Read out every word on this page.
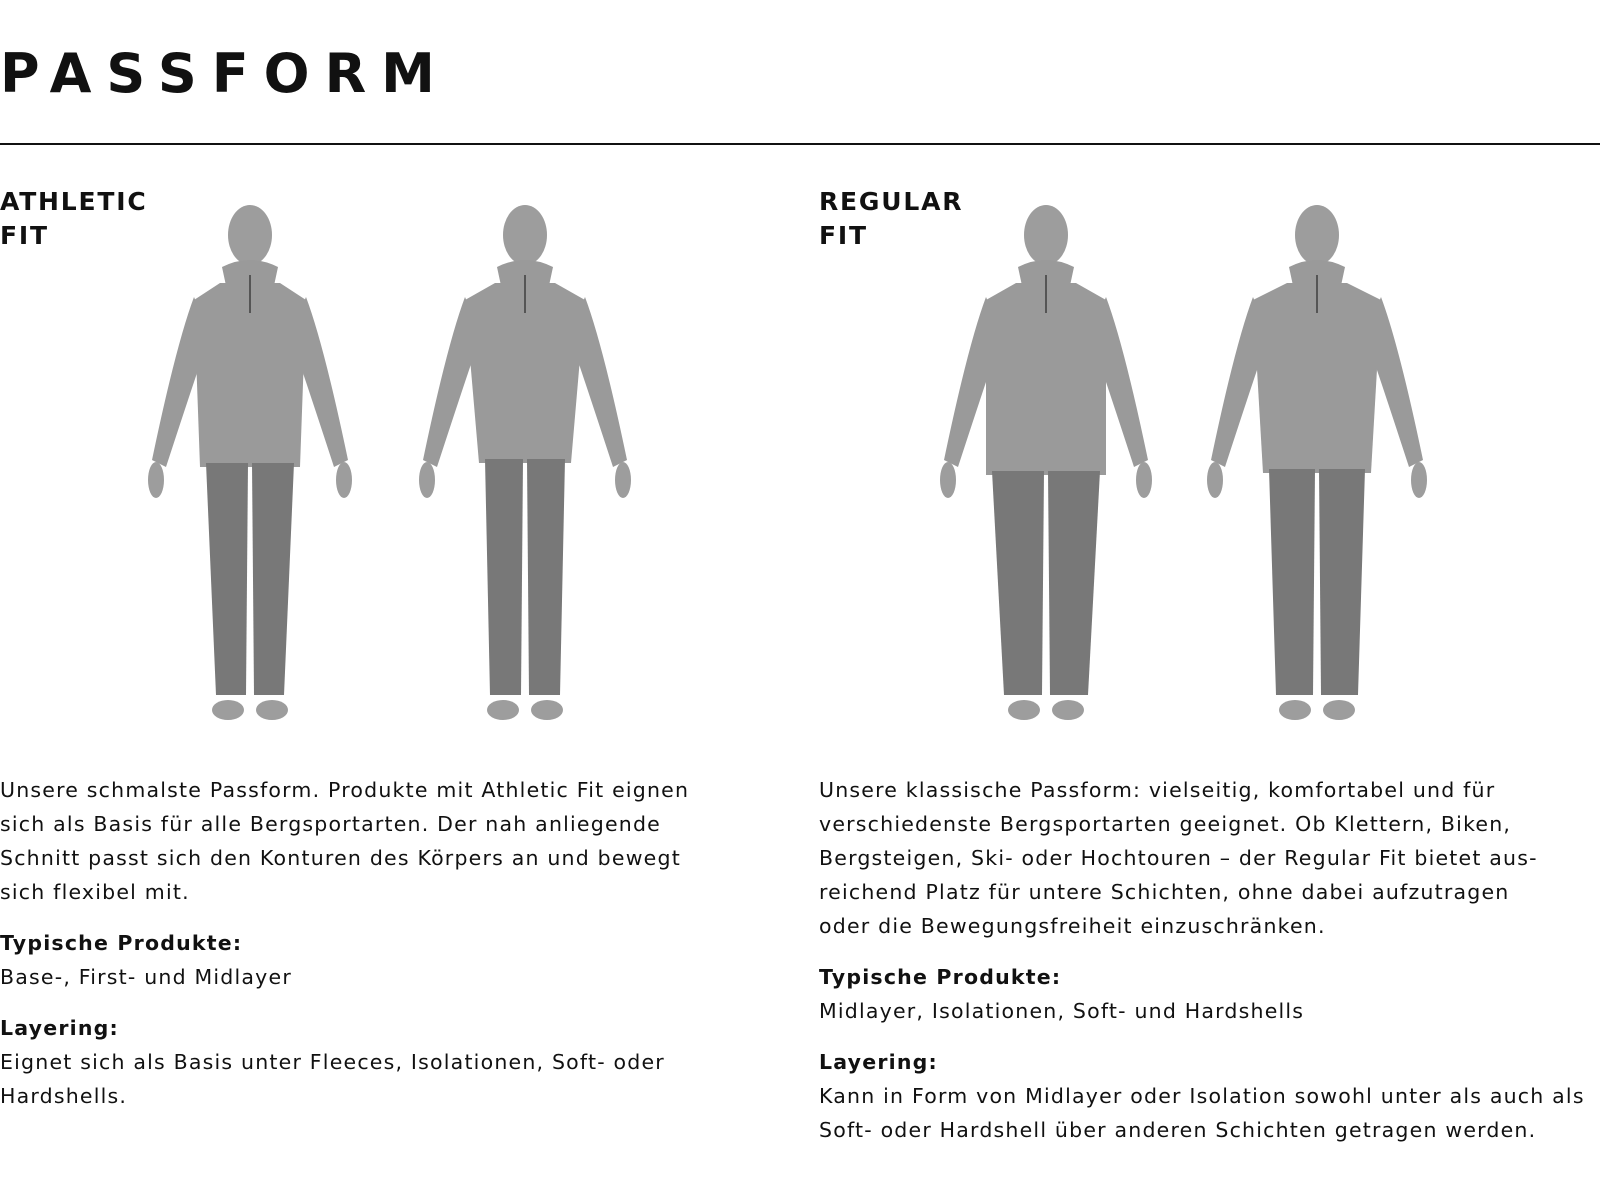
PASSFORM
ATHLETIC
FIT

Unsere schmalste Passform. Produkte mit Athletic Fit eignen
sich als Basis für alle Bergsportarten. Der nah anliegende
Schnitt passt sich den Konturen des Körpers an und bewegt
sich flexibel mit.

Typische Produkte:
Base-, First- und Midlayer
Layering:
Eignet sich als Basis unter Fleeces, Isolationen, Soft- oder
Hardshells.
REGULAR
FIT

Unsere klassische Passform: vielseitig, komfortabel und für
verschiedenste Bergsportarten geeignet. Ob Klettern, Biken,
Bergsteigen, Ski- oder Hochtouren – der Regular Fit bietet aus-
reichend Platz für untere Schichten, ohne dabei aufzutragen
oder die Bewegungsfreiheit einzuschränken.

Typische Produkte:
Midlayer, Isolationen, Soft- und Hardshells
Layering:
Kann in Form von Midlayer oder Isolation sowohl unter als auch als
Soft- oder Hardshell über anderen Schichten getragen werden.
